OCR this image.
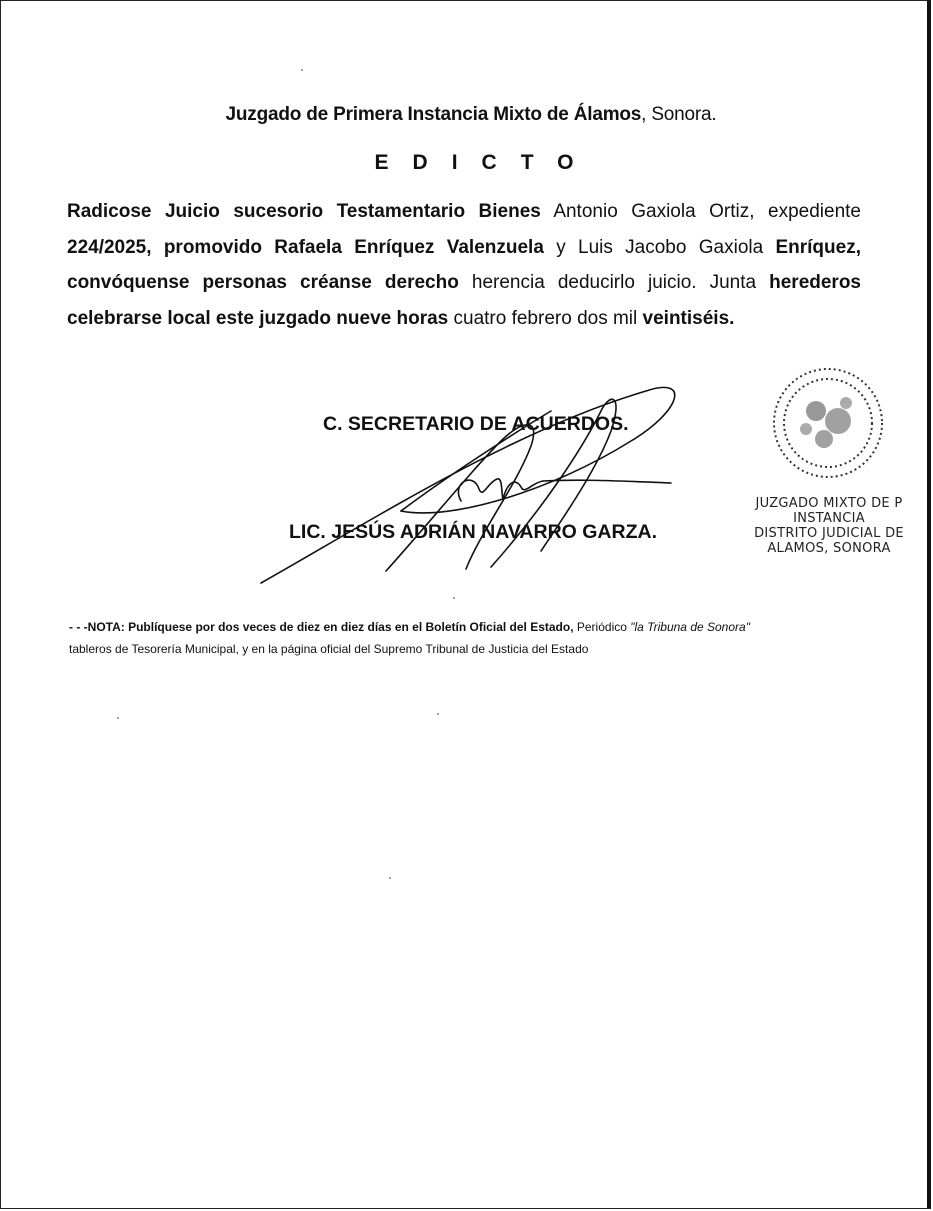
Juzgado de Primera Instancia Mixto de Álamos, Sonora.
EDICTO
Radicose Juicio sucesorio Testamentario Bienes Antonio Gaxiola Ortiz, expediente 224/2025, promovido Rafaela Enríquez Valenzuela y Luis Jacobo Gaxiola Enríquez, convóquense personas créanse derecho herencia deducirlo juicio. Junta herederos celebrarse local este juzgado nueve horas cuatro febrero dos mil veintiséis.
C. SECRETARIO DE ACUERDOS.
LIC. JESÚS ADRIÁN NAVARRO GARZA.
JUZGADO MIXTO DE P
INSTANCIA
DISTRITO JUDICIAL DE
ALAMOS, SONORA
- - -NOTA: Publíquese por dos veces de diez en diez días en el Boletín Oficial del Estado, Periódico "la Tribuna de Sonora"
tableros de Tesorería Municipal, y en la página oficial del Supremo Tribunal de Justicia del Estado
